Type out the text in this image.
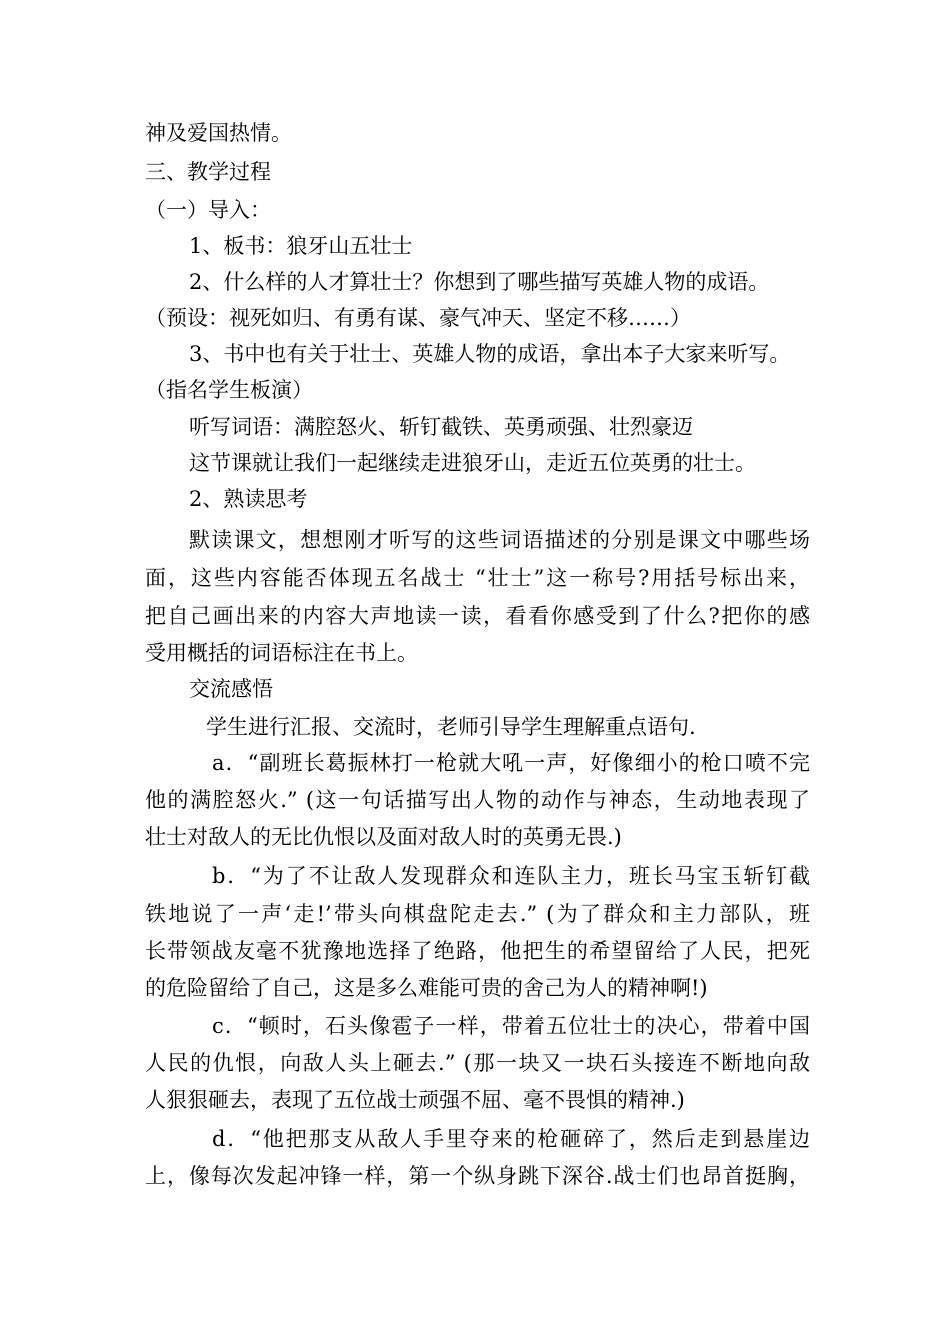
神及爱国热情。
三、教学过程
（一）导入：
1、板书：狼牙山五壮士
2、什么样的人才算壮士？你想到了哪些描写英雄人物的成语。
（预设：视死如归、有勇有谋、豪气冲天、坚定不移……）
3、书中也有关于壮士、英雄人物的成语，拿出本子大家来听写。
（指名学生板演）
听写词语：满腔怒火、斩钉截铁、英勇顽强、壮烈豪迈
这节课就让我们一起继续走进狼牙山，走近五位英勇的壮士。
2、熟读思考
默读课文，想想刚才听写的这些词语描述的分别是课文中哪些场
面，这些内容能否体现五名战士 “壮士”这一称号?用括号标出来，
把自己画出来的内容大声地读一读，看看你感受到了什么?把你的感
受用概括的词语标注在书上。
交流感悟
学生进行汇报、交流时，老师引导学生理解重点语句.
a．“副班长葛振林打一枪就大吼一声，好像细小的枪口喷不完
他的满腔怒火.” (这一句话描写出人物的动作与神态，生动地表现了
壮士对敌人的无比仇恨以及面对敌人时的英勇无畏.)
b．“为了不让敌人发现群众和连队主力，班长马宝玉斩钉截
铁地说了一声‘走!’带头向棋盘陀走去.” (为了群众和主力部队，班
长带领战友毫不犹豫地选择了绝路，他把生的希望留给了人民，把死
的危险留给了自己，这是多么难能可贵的舍己为人的精神啊!)
c．“顿时，石头像雹子一样，带着五位壮士的决心，带着中国
人民的仇恨，向敌人头上砸去.” (那一块又一块石头接连不断地向敌
人狠狠砸去，表现了五位战士顽强不屈、毫不畏惧的精神.)
d．“他把那支从敌人手里夺来的枪砸碎了，然后走到悬崖边
上，像每次发起冲锋一样，第一个纵身跳下深谷.战士们也昂首挺胸，
